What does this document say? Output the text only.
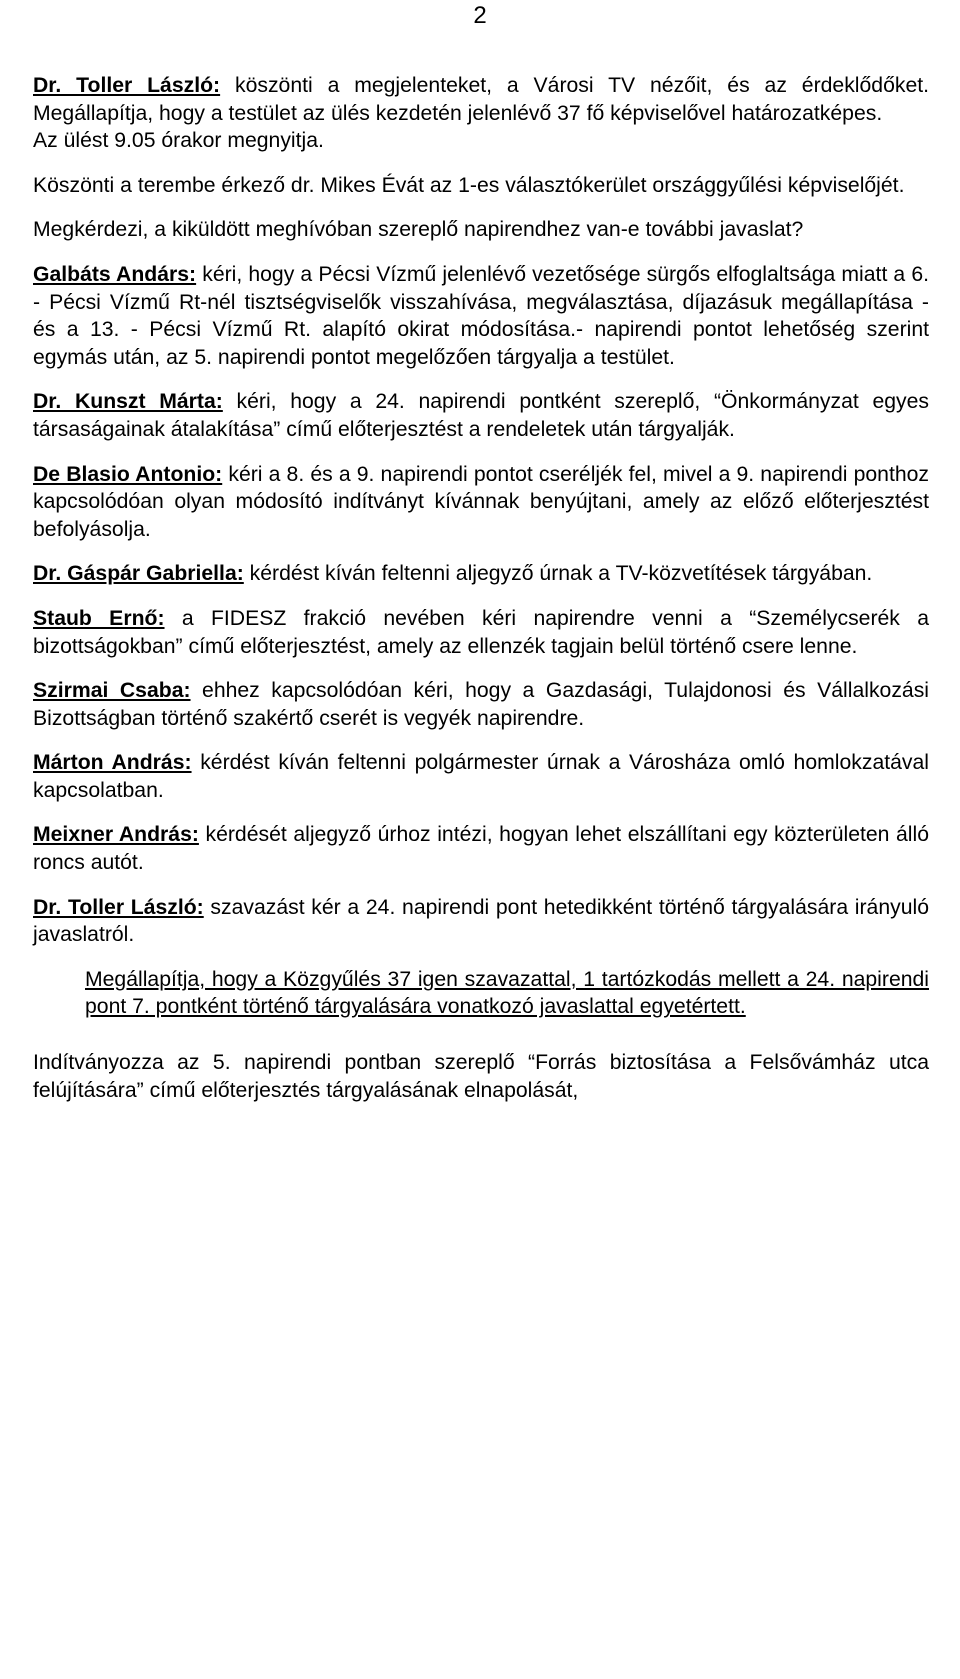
2

Dr. Toller László: köszönti a megjelenteket, a Városi TV nézőit, és az érdeklődőket. Megállapítja, hogy a testület az ülés kezdetén jelenlévő 37 fő képviselővel határozatképes.

Az ülést 9.05 órakor megnyitja.

Köszönti a terembe érkező dr. Mikes Évát az 1-es választókerület országgyűlési képviselőjét.

Megkérdezi, a kiküldött meghívóban szereplő napirendhez van-e további javaslat?

Galbáts Andárs: kéri, hogy a Pécsi Vízmű jelenlévő vezetősége sürgős elfoglaltsága miatt a 6. - Pécsi Vízmű Rt-nél tisztségviselők visszahívása, megválasztása, díjazásuk megállapítása - és a 13. - Pécsi Vízmű Rt. alapító okirat módosítása.- napirendi pontot lehetőség szerint egymás után, az 5. napirendi pontot megelőzően tárgyalja a testület.

Dr. Kunszt Márta: kéri, hogy a 24. napirendi pontként szereplő, “Önkormányzat egyes társaságainak átalakítása” című előterjesztést a rendeletek után tárgyalják.

De Blasio Antonio: kéri a 8. és a 9. napirendi pontot cseréljék fel, mivel a 9. napirendi ponthoz kapcsolódóan olyan módosító indítványt kívánnak benyújtani, amely az előző előterjesztést befolyásolja.

Dr. Gáspár Gabriella: kérdést kíván feltenni aljegyző úrnak a TV-közvetítések tárgyában.

Staub Ernő: a FIDESZ frakció nevében kéri napirendre venni a “Személycserék a bizottságokban” című előterjesztést, amely az ellenzék tagjain belül történő csere lenne.

Szirmai Csaba: ehhez kapcsolódóan kéri, hogy a Gazdasági, Tulajdonosi és Vállalkozási Bizottságban történő szakértő cserét is vegyék napirendre.

Márton András: kérdést kíván feltenni polgármester úrnak a Városháza omló homlokzatával kapcsolatban.

Meixner András: kérdését aljegyző úrhoz intézi, hogyan lehet elszállítani egy közterületen álló roncs autót.

Dr. Toller László: szavazást kér a 24. napirendi pont hetedikként történő tárgyalására irányuló javaslatról.

Megállapítja, hogy a Közgyűlés 37 igen szavazattal, 1 tartózkodás mellett a 24. napirendi pont 7. pontként történő tárgyalására vonatkozó javaslattal egyetértett.

Indítványozza az 5. napirendi pontban szereplő “Forrás biztosítása a Felsővámház utca felújítására” című előterjesztés tárgyalásának elnapolását,
